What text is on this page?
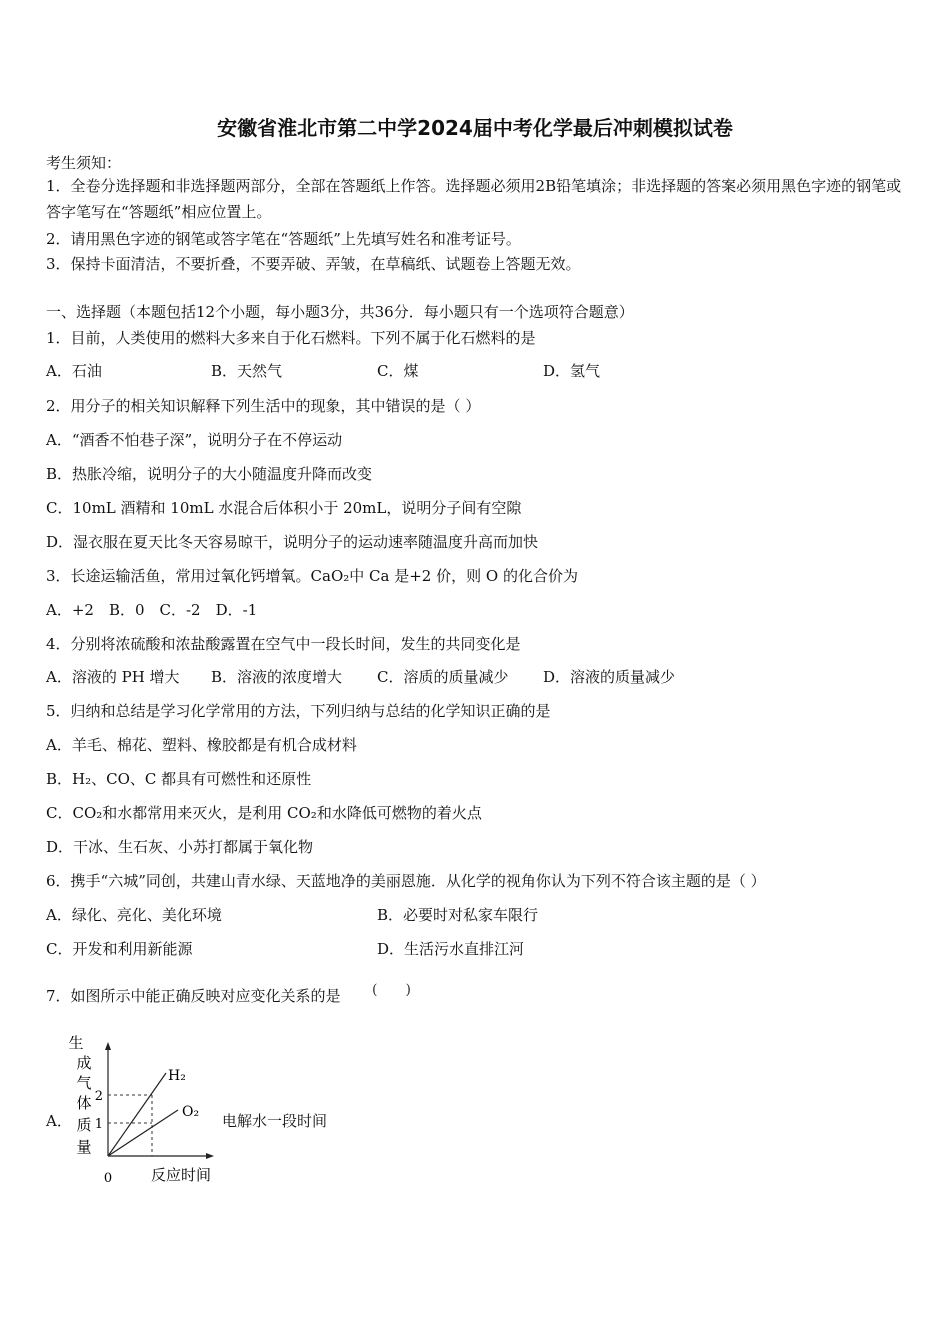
安徽省淮北市第二中学2024届中考化学最后冲刺模拟试卷
考生须知：
1．全卷分选择题和非选择题两部分，全部在答题纸上作答。选择题必须用2B铅笔填涂；非选择题的答案必须用黑色字迹的钢笔或答字笔写在“答题纸”相应位置上。
2．请用黑色字迹的钢笔或答字笔在“答题纸”上先填写姓名和准考证号。
3．保持卡面清洁，不要折叠，不要弄破、弄皱，在草稿纸、试题卷上答题无效。
一、选择题（本题包括12个小题，每小题3分，共36分．每小题只有一个选项符合题意）
1．目前，人类使用的燃料大多来自于化石燃料。下列不属于化石燃料的是
A．石油	B．天然气	C．煤	D．氢气
2．用分子的相关知识解释下列生活中的现象，其中错误的是（ ）
A．“酒香不怕巷子深”，说明分子在不停运动
B．热胀冷缩，说明分子的大小随温度升降而改变
C．10mL 酒精和 10mL 水混合后体积小于 20mL，说明分子间有空隙
D．湿衣服在夏天比冬天容易晾干，说明分子的运动速率随温度升高而加快
3．长途运输活鱼，常用过氧化钙增氧。CaO₂中 Ca 是+2 价，则 O 的化合价为
A．+2　B．0　C．-2　D．-1
4．分别将浓硫酸和浓盐酸露置在空气中一段长时间，发生的共同变化是
A．溶液的 PH 增大 B．溶液的浓度增大 C．溶质的质量减少 D．溶液的质量减少
5．归纳和总结是学习化学常用的方法，下列归纳与总结的化学知识正确的是
A．羊毛、棉花、塑料、橡胶都是有机合成材料
B．H₂、CO、C 都具有可燃性和还原性
C．CO₂和水都常用来灭火，是利用 CO₂和水降低可燃物的着火点
D．干冰、生石灰、小苏打都属于氧化物
6．携手“六城”同创，共建山青水绿、天蓝地净的美丽恩施．从化学的视角你认为下列不符合该主题的是（ ）
A．绿化、亮化、美化环境	B．必要时对私家车限行
C．开发和利用新能源	D．生活污水直排江河
7．如图所示中能正确反映对应变化关系的是 (　　)
A．	电解水一段时间
生
成
气
体
质
量
0	反应时间
2
1
H₂
O₂
